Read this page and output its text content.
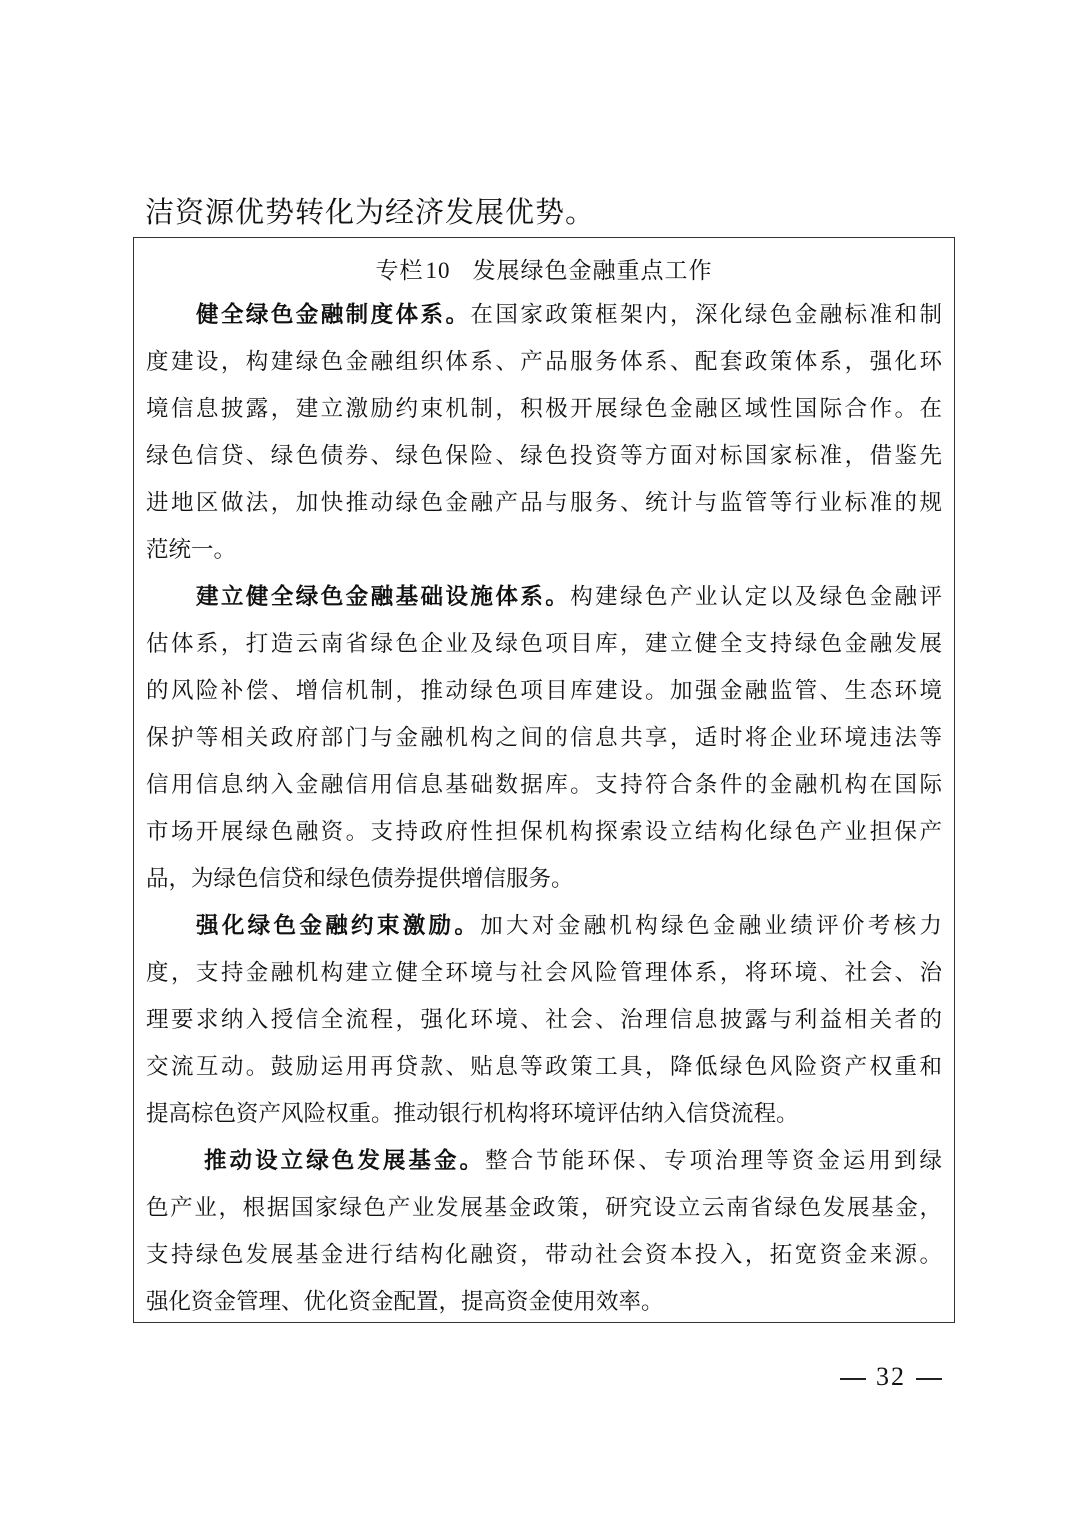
洁资源优势转化为经济发展优势。
专栏10 发展绿色金融重点工作
健全绿色金融制度体系。在国家政策框架内，深化绿色金融标准和制
度建设，构建绿色金融组织体系、产品服务体系、配套政策体系，强化环
境信息披露，建立激励约束机制，积极开展绿色金融区域性国际合作。在
绿色信贷、绿色债券、绿色保险、绿色投资等方面对标国家标准，借鉴先
进地区做法，加快推动绿色金融产品与服务、统计与监管等行业标准的规
范统一。
建立健全绿色金融基础设施体系。构建绿色产业认定以及绿色金融评
估体系，打造云南省绿色企业及绿色项目库，建立健全支持绿色金融发展
的风险补偿、增信机制，推动绿色项目库建设。加强金融监管、生态环境
保护等相关政府部门与金融机构之间的信息共享，适时将企业环境违法等
信用信息纳入金融信用信息基础数据库。支持符合条件的金融机构在国际
市场开展绿色融资。支持政府性担保机构探索设立结构化绿色产业担保产
品，为绿色信贷和绿色债券提供增信服务。
强化绿色金融约束激励。加大对金融机构绿色金融业绩评价考核力
度，支持金融机构建立健全环境与社会风险管理体系，将环境、社会、治
理要求纳入授信全流程，强化环境、社会、治理信息披露与利益相关者的
交流互动。鼓励运用再贷款、贴息等政策工具，降低绿色风险资产权重和
提高棕色资产风险权重。推动银行机构将环境评估纳入信贷流程。
推动设立绿色发展基金。整合节能环保、专项治理等资金运用到绿
色产业，根据国家绿色产业发展基金政策，研究设立云南省绿色发展基金，
支持绿色发展基金进行结构化融资，带动社会资本投入，拓宽资金来源。
强化资金管理、优化资金配置，提高资金使用效率。
32
